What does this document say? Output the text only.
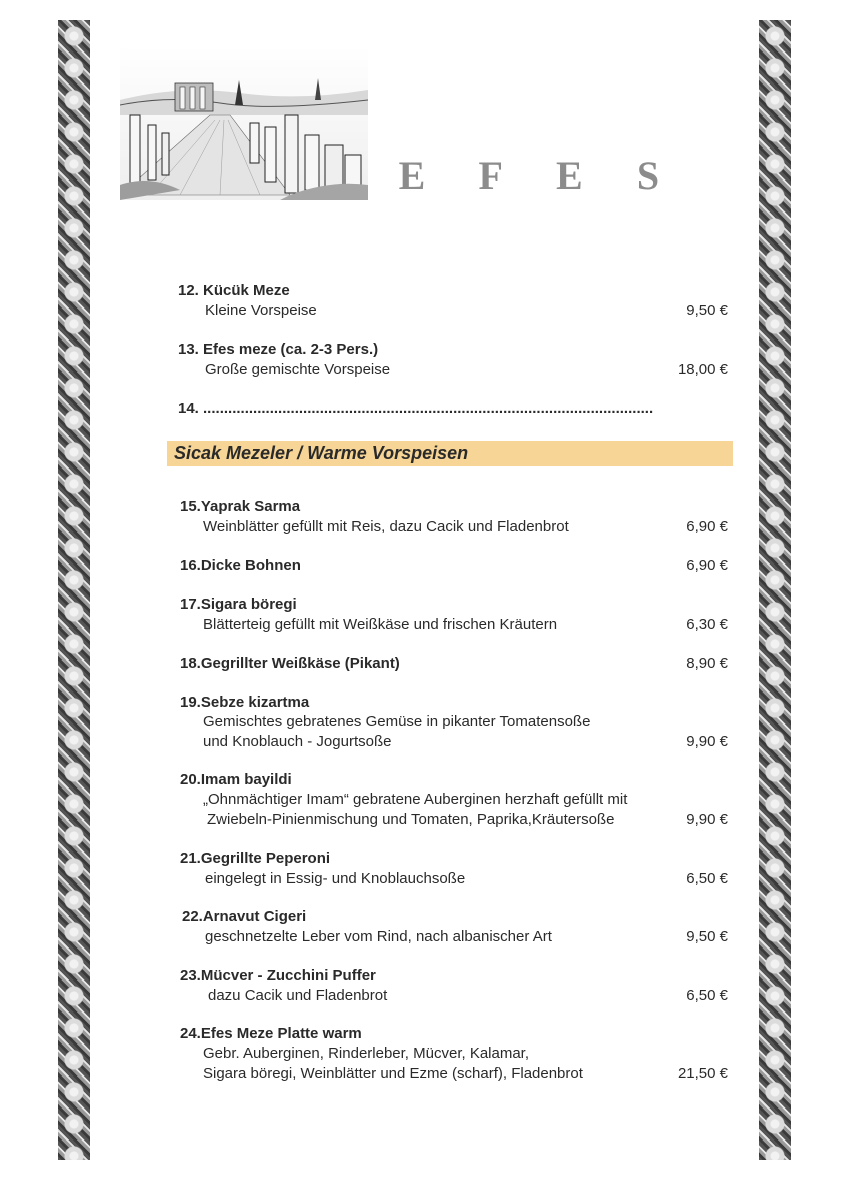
E F E S
12. Kücük Meze
Kleine Vorspeise	9,50 €
13. Efes meze (ca. 2-3 Pers.)
Große gemischte Vorspeise	18,00 €
14. ............................................................................................................
Sicak Mezeler / Warme Vorspeisen
15.Yaprak Sarma
Weinblätter gefüllt mit Reis, dazu Cacik und Fladenbrot	6,90 €
16.Dicke Bohnen	6,90 €
17.Sigara böregi
Blätterteig gefüllt mit Weißkäse und frischen Kräutern	6,30 €
18.Gegrillter Weißkäse (Pikant)	8,90 €
19.Sebze kizartma
Gemischtes gebratenes Gemüse in pikanter Tomatensoße
und Knoblauch - Jogurtsoße	9,90 €
20.Imam bayildi
„Ohnmächtiger Imam“ gebratene Auberginen herzhaft gefüllt mit
Zwiebeln-Pinienmischung und Tomaten, Paprika,Kräutersoße	9,90 €
21.Gegrillte Peperoni
eingelegt in Essig- und Knoblauchsoße	6,50 €
22.Arnavut Cigeri
geschnetzelte Leber vom Rind, nach albanischer Art	9,50 €
23.Mücver - Zucchini Puffer
dazu Cacik und Fladenbrot	6,50 €
24.Efes Meze Platte warm
Gebr. Auberginen, Rinderleber, Mücver, Kalamar,
Sigara böregi, Weinblätter und Ezme (scharf), Fladenbrot	21,50 €
